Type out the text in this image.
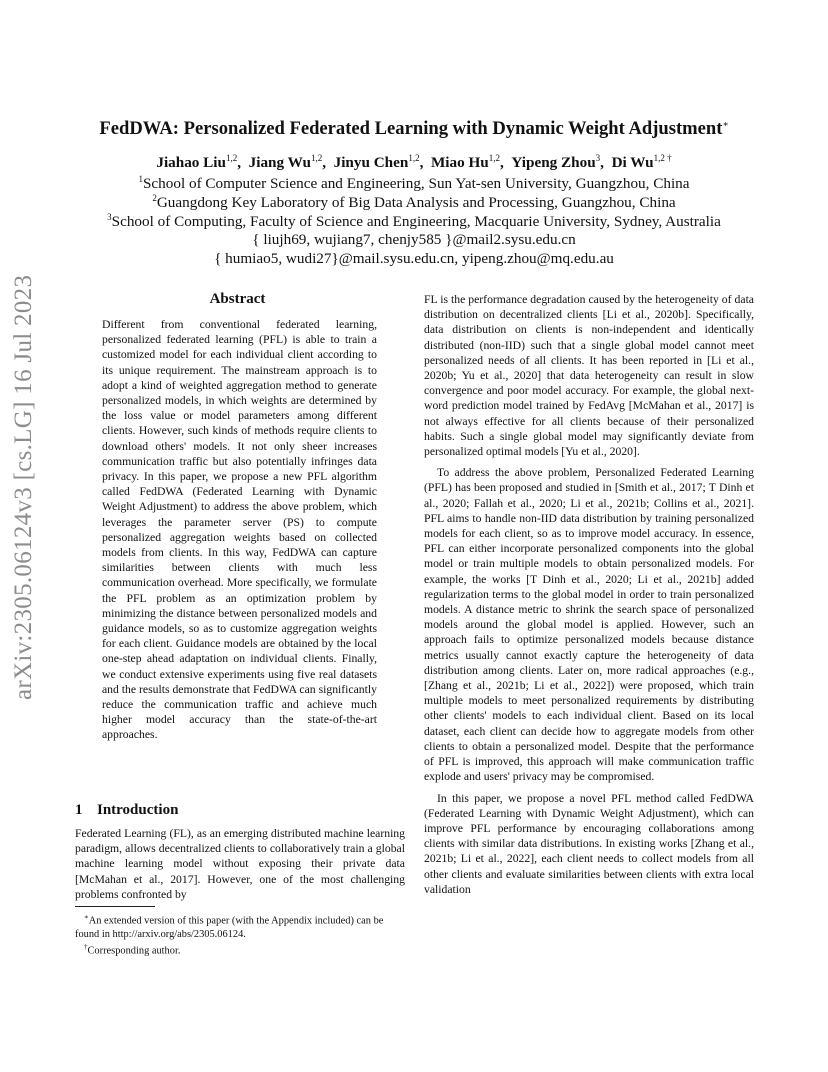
arXiv:2305.06124v3 [cs.LG] 16 Jul 2023
FedDWA: Personalized Federated Learning with Dynamic Weight Adjustment∗
Jiahao Liu$^{1,2}$, Jiang Wu$^{1,2}$, Jinyu Chen$^{1,2}$, Miao Hu$^{1,2}$, Yipeng Zhou$^3$, Di $Wu^{1,2 \dagger}$
$^1$School of Computer Science and Engineering, Sun Yat-sen University, Guangzhou, China
$^2$Guangdong Key Laboratory of Big Data Analysis and Processing, Guangzhou, China
$^3$School of Computing, Faculty of Science and Engineering, Macquarie University, Sydney, Australia
{ liujh69, wujiang7, chenjy585 }@mail2.sysu.edu.cn
{ humiao5, wudi27}@mail.sysu.edu.cn, yipeng.zhou@mq.edu.au
Abstract
Different from conventional federated learning, personalized federated learning (PFL) is able to train a customized model for each individual client according to its unique requirement. The mainstream approach is to adopt a kind of weighted aggregation method to generate personalized models, in which weights are determined by the loss value or model parameters among different clients. However, such kinds of methods require clients to download others' models. It not only sheer increases communication traffic but also potentially infringes data privacy. In this paper, we propose a new PFL algorithm called FedDWA (Federated Learning with Dynamic Weight Adjustment) to address the above problem, which leverages the parameter server (PS) to compute personalized aggregation weights based on collected models from clients. In this way, FedDWA can capture similarities between clients with much less communication overhead. More specifically, we formulate the PFL problem as an optimization problem by minimizing the distance between personalized models and guidance models, so as to customize aggregation weights for each client. Guidance models are obtained by the local one-step ahead adaptation on individual clients. Finally, we conduct extensive experiments using five real datasets and the results demonstrate that FedDWA can significantly reduce the communication traffic and achieve much higher model accuracy than the state-of-the-art approaches.
1 Introduction

Federated Learning (FL), as an emerging distributed machine learning paradigm, allows decentralized clients to collaboratively train a global machine learning model without exposing their private data [McMahan et al., 2017]. However, one of the most challenging problems confronted by

FL is the performance degradation caused by the heterogeneity of data distribution on decentralized clients [Li et al., 2020b]. Specifically, data distribution on clients is non-independent and identically distributed (non-IID) such that a single global model cannot meet personalized needs of all clients. It has been reported in [Li et al., 2020b; Yu et al., 2020] that data heterogeneity can result in slow convergence and poor model accuracy. For example, the global next-word prediction model trained by FedAvg [McMahan et al., 2017] is not always effective for all clients because of their personalized habits. Such a single global model may significantly deviate from personalized optimal models [Yu et al., 2020].

To address the above problem, Personalized Federated Learning (PFL) has been proposed and studied in [Smith et al., 2017; T Dinh et al., 2020; Fallah et al., 2020; Li et al., 2021b; Collins et al., 2021]. PFL aims to handle non-IID data distribution by training personalized models for each client, so as to improve model accuracy. In essence, PFL can either incorporate personalized components into the global model or train multiple models to obtain personalized models. For example, the works [T Dinh et al., 2020; Li et al., 2021b] added regularization terms to the global model in order to train personalized models. A distance metric to shrink the search space of personalized models around the global model is applied. However, such an approach fails to optimize personalized models because distance metrics usually cannot exactly capture the heterogeneity of data distribution among clients. Later on, more radical approaches (e.g., [Zhang et al., 2021b; Li et al., 2022]) were proposed, which train multiple models to meet personalized requirements by distributing other clients' models to each individual client. Based on its local dataset, each client can decide how to aggregate models from other clients to obtain a personalized model. Despite that the performance of PFL is improved, this approach will make communication traffic explode and users' privacy may be compromised.

In this paper, we propose a novel PFL method called FedDWA (Federated Learning with Dynamic Weight Adjustment), which can improve PFL performance by encouraging collaborations among clients with similar data distributions. In existing works [Zhang et al., 2021b; Li et al., 2022], each client needs to collect models from all other clients and evaluate similarities between clients with extra local validation

∗An extended version of this paper (with the Appendix included) can be found in http://arxiv.org/abs/2305.06124.

†Corresponding author.
